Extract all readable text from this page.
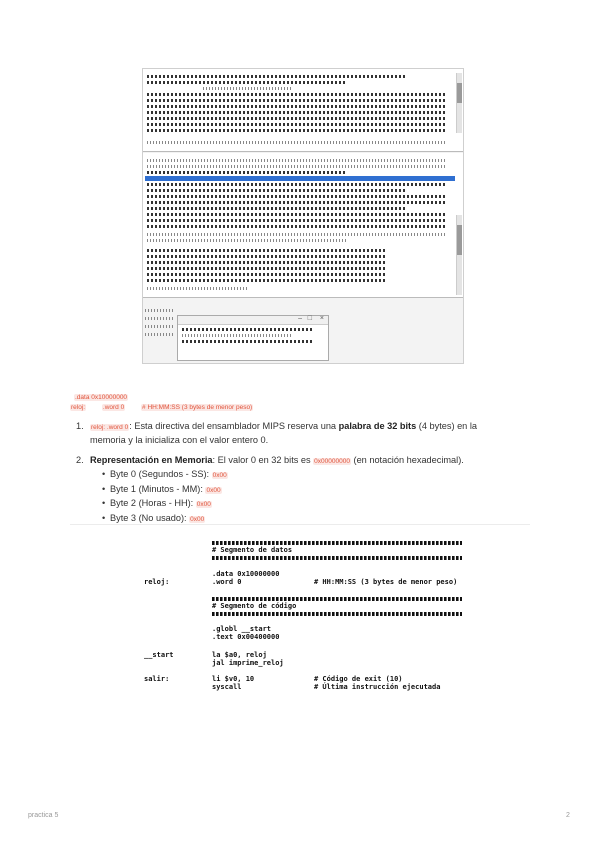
– □ ×
.data 0x10000000
reloj:	.word 0	# HH:MM:SS (3 bytes de menor peso)
1. reloj: .word 0: Esta directiva del ensamblador MIPS reserva una palabra de 32 bits (4 bytes) en la memoria y la inicializa con el valor entero 0.
2. Representación en Memoria: El valor 0 en 32 bits es 0x00000000 (en notación hexadecimal).
• Byte 0 (Segundos - SS): 0x00
• Byte 1 (Minutos - MM): 0x00
• Byte 2 (Horas - HH): 0x00
• Byte 3 (No usado): 0x00
# Segmento de datos
.data 0x10000000
reloj:	.word 0	# HH:MM:SS (3 bytes de menor peso)
# Segmento de código
.globl __start
.text 0x00400000
__start	la $a0, reloj
jal imprime_reloj
salir:	li $v0, 10	# Código de exit (10)
syscall	# Última instrucción ejecutada
practica 5	2
